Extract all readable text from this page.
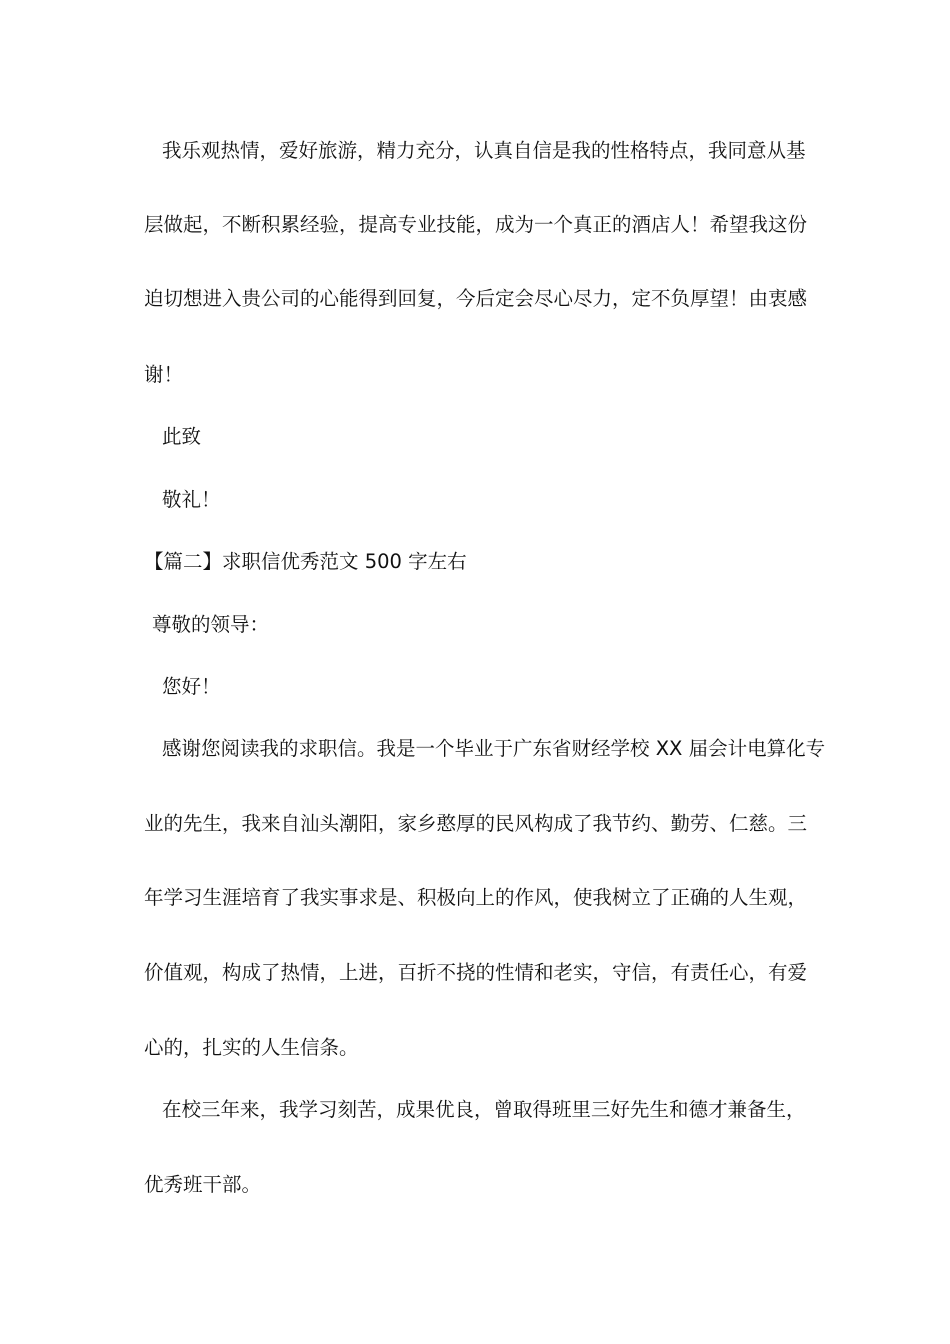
我乐观热情，爱好旅游，精力充分，认真自信是我的性格特点，我同意从基
层做起，不断积累经验，提高专业技能，成为一个真正的酒店人！希望我这份
迫切想进入贵公司的心能得到回复，今后定会尽心尽力，定不负厚望！由衷感
谢！
此致
敬礼！
【篇二】求职信优秀范文 500 字左右
尊敬的领导：
您好！
感谢您阅读我的求职信。我是一个毕业于广东省财经学校 XX 届会计电算化专
业的先生，我来自汕头潮阳，家乡憨厚的民风构成了我节约、勤劳、仁慈。三
年学习生涯培育了我实事求是、积极向上的作风，使我树立了正确的人生观，
价值观，构成了热情，上进，百折不挠的性情和老实，守信，有责任心，有爱
心的，扎实的人生信条。
在校三年来，我学习刻苦，成果优良，曾取得班里三好先生和德才兼备生，
优秀班干部。
